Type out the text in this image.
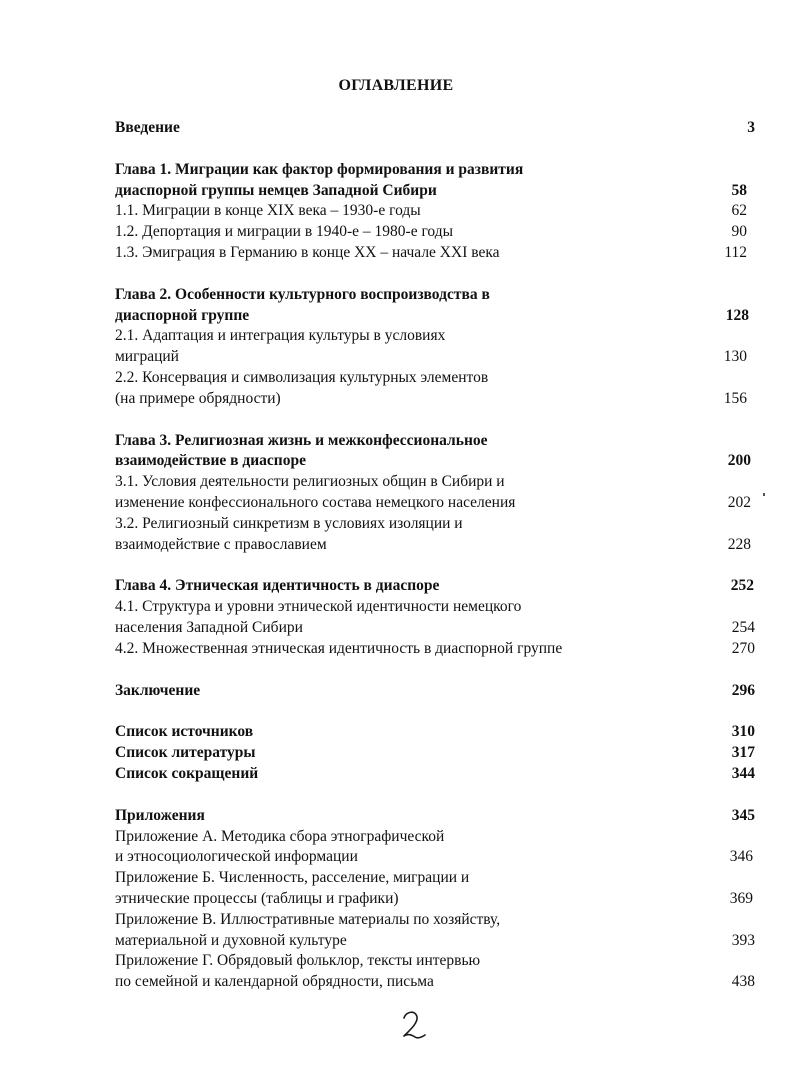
ОГЛАВЛЕНИЕ
Введение	3
Глава 1. Миграции как фактор формирования и развития
диаспорной группы немцев Западной Сибири	58
1.1. Миграции в конце XIX века – 1930-е годы	62
1.2. Депортация и миграции в 1940-е – 1980-е годы	90
1.3. Эмиграция в Германию в конце ХХ – начале XXI века	112
Глава 2. Особенности культурного воспроизводства в
диаспорной группе	128
2.1. Адаптация и интеграция культуры в условиях
миграций	130
2.2. Консервация и символизация культурных элементов
(на примере обрядности)	156
Глава 3. Религиозная жизнь и межконфессиональное
взаимодействие в диаспоре	200
3.1. Условия деятельности религиозных общин в Сибири и
изменение конфессионального состава немецкого населения	202
3.2. Религиозный синкретизм в условиях изоляции и
взаимодействие с православием	228
Глава 4. Этническая идентичность в диаспоре	252
4.1. Структура и уровни этнической идентичности немецкого
населения Западной Сибири	254
4.2. Множественная этническая идентичность в диаспорной группе	270
Заключение	296
Список источников	310
Список литературы	317
Список сокращений	344
Приложения	345
Приложение А. Методика сбора этнографической
и этносоциологической информации	346
Приложение Б. Численность, расселение, миграции и
этнические процессы (таблицы и графики)	369
Приложение В. Иллюстративные материалы по хозяйству,
материальной и духовной культуре	393
Приложение Г. Обрядовый фольклор, тексты интервью
по семейной и календарной обрядности, письма	438
